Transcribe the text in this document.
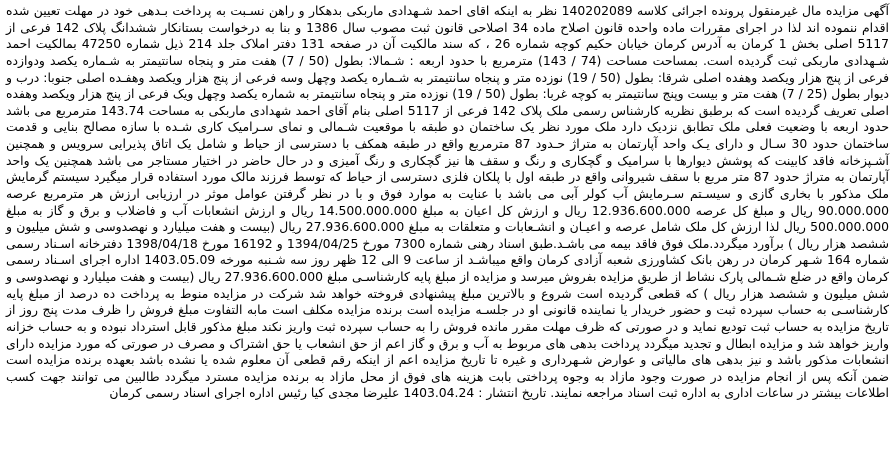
آگهی مزایده مال غیرمنقول پرونده اجرائی کلاسه 140202089 نظر به اینکه اقای احمد شـهدادی ماربکی بدهکار و راهن نسـبت به پرداخت بـدهی خود در مهلت تعیین شده اقدام ننموده اند لذا در اجرای مقررات ماده واحده قانون اصلاح ماده 34 اصلاحی قانون ثبت مصوب سال 1386 و بنا به درخواست بستانکار ششدانگ پلاک 142 فرعی از 5117 اصلی بخش 1 کرمان به آدرس کرمان خیابان حکیم کوچه شماره 26 ، که سند مالکیت آن در صفحه 131 دفتر املاک جلد 214 ذیل شماره 47250 بمالکیت احمد شـهدادی ماربکی ثبت گردیده است. بمساحت مساحت (74 / 143) مترمربع با حدود اربعه : شـمالا: بطول (50 / 7) هفت متر و پنجاه سانتیمتر به شـماره یکصد ودوازده فرعی از پنج هزار ویکصد وهفده اصلی شرقا: بطول (50 / 19) نوزده متر و پنجاه سانتیمتر به شـماره یکصد وچهل وسه فرعی از پنج هزار ویکصد وهفـده اصلی جنوبا: درب و دیوار بطول (25 / 7) هفت متر و بیست وپنج سانتیمتر به کوچه غربا: بطول (50 / 19) نوزده متر و پنجاه سانتیمتر به شماره یکصد وچهل ویک فرعی از پنج هزار ویکصد وهفده اصلی تعریف گردیده است که برطبق نظریه کارشناس رسمی ملک پلاک 142 فرعی از 5117 اصلی بنام آقای احمد شهدادی ماربکی به مساحت 143.74 مترمربع می باشد حدود اربعه با وضعیت فعلی ملک تطابق نزدیک دارد ملک مورد نظر یک ساختمان دو طبقه با موقعیت شـمالی و نمای سـرامیک کاری شـده با سازه مصالح بنایی و قدمت ساختمان حدود 30 سـال و دارای یـک واحد آپارتمان به متراژ حـدود 87 مترمربع واقع در طبقه همکف با دسترسی از حیاط و شامل یک اتاق پذیرایی سرویس و همچنین آشـپزخانه فاقد کابینت که پوشش دیوارها با سرامیک و گچکاری و رنگ و سقف ها نیز گچکاری و رنگ آمیزی و در حال حاضر در اختیار مستاجر می باشد همچنین یک واحد آپارتمان به متراژ حدود 87 متر مربع با سقف شیروانی واقع در طبقه اول با پلکان فلزی دسترسی از حیاط که توسط فرزند مالک مورد استفاده قرار میگیرد سیستم گرمایش ملک مذکور با بخاری گازی و سیسـتم سـرمایش آب کولر آبی می باشد با عنایت به موارد فوق و با در نظر گرفتن عوامل موثر در ارزیابی ارزش هر مترمربع عرصه 90.000.000 ریال و مبلغ کل عرصه 12.936.600.000 ریال و ارزش کل اعیان به مبلغ 14.500.000.000 ریال و ارزش انشعابات آب و فاضلاب و برق و گاز به مبلغ 500.000.000 ریال لذا ارزش کل ملک شامل عرصه و اعیـان و انشـعابات و متعلقات به مبلغ 27.936.600.000 ریال (بیست و هفت میلیارد و نهصدوسی و شش میلیون و ششصد هزار ریال ) برآورد میگردد.ملک فوق فاقد بیمه می باشـد.طبق اسناد رهنی شماره 7300 مورخ 1394/04/25 و 16192 مورخ 1398/04/18 دفترخانه اسـناد رسمی شماره 164 شـهر کرمان در رهن بانک کشاورزی شعبه آزادی کرمان واقع میباشـد از ساعت 9 الی 12 ظهر روز سه شـنبه مورخه 1403.05.09 اداره اجرای اسـناد رسمی کرمان واقع در ضلع شـمالی پارک نشاط از طریق مزایده بفروش میرسد و مزایده از مبلغ پایه کارشناسـی مبلغ 27.936.600.000 ریال (بیست و هفت میلیارد و نهصدوسی و شش میلیون و ششصد هزار ریال ) که قطعی گردیده است شروع و بالاترین مبلغ پیشنهادی فروخته خواهد شد شرکت در مزایده منوط به پرداخت ده درصد از مبلغ پایه کارشناسـی به حساب سپرده ثبت و حضور خریدار یا نماینده قانونی او در جلسـه مزایده است برنده مزایده مکلف است مابه التفاوت مبلغ فروش را ظرف مدت پنج روز از تاریخ مزایده به حساب ثبت تودیع نماید و در صورتی که ظرف مهلت مقرر مانده فروش را به حساب سپرده ثبت واریز نکند مبلغ مذکور قابل استرداد نبوده و به حساب خزانه واریز خواهد شد و مزایده ابطال و تجدید میگردد پرداخت بدهی های مربوط به آب و برق و گاز اعم از حق انشعاب یا حق اشتراک و مصرف در صورتی که مورد مزایده دارای انشعابات مذکور باشد و نیز بدهی های مالیاتی و عوارض شـهرداری و غیره تا تاریخ مزایده اعم از اینکه رقم قطعی آن معلوم شده یا نشده باشد بعهده برنده مزایده است ضمن آنکه پس از انجام مزایده در صورت وجود مازاد به وجوه پرداختی بابت هزینه های فوق از محل مازاد به برنده مزایده مسترد میگردد طالبین می توانند جهت کسب اطلاعات بیشتر در ساعات اداری به اداره ثبت اسناد مراجعه نمایند. تاریخ انتشار : 1403.04.24 علیرضا مجدی کیا رئیس اداره اجرای اسناد رسمی کرمان
